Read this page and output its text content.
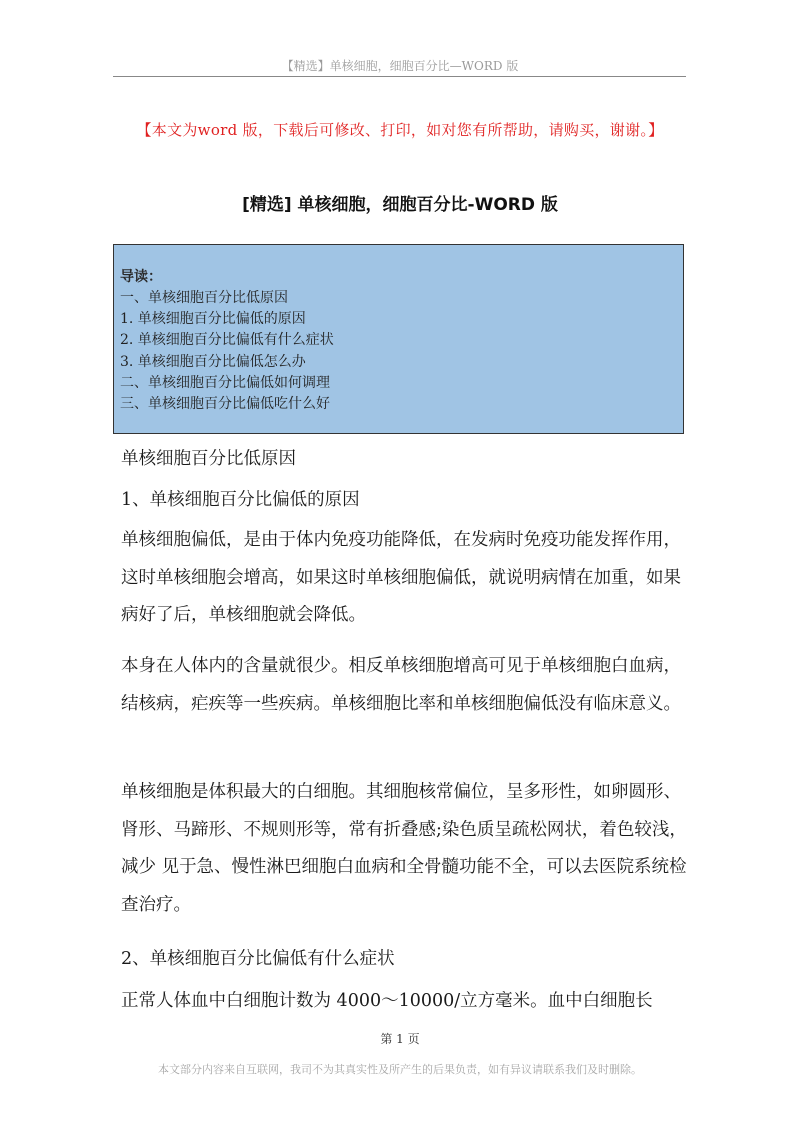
【精选】单核细胞，细胞百分比—WORD 版
【本文为word 版，下载后可修改、打印，如对您有所帮助，请购买，谢谢。】
[精选] 单核细胞，细胞百分比-WORD 版
导读：
一、单核细胞百分比低原因
1. 单核细胞百分比偏低的原因
2. 单核细胞百分比偏低有什么症状
3. 单核细胞百分比偏低怎么办
二、单核细胞百分比偏低如何调理
三、单核细胞百分比偏低吃什么好
单核细胞百分比低原因
1、单核细胞百分比偏低的原因
单核细胞偏低，是由于体内免疫功能降低，在发病时免疫功能发挥作用，这时单核细胞会增高，如果这时单核细胞偏低，就说明病情在加重，如果病好了后，单核细胞就会降低。
本身在人体内的含量就很少。相反单核细胞增高可见于单核细胞白血病，结核病，疟疾等一些疾病。单核细胞比率和单核细胞偏低没有临床意义。
单核细胞是体积最大的白细胞。其细胞核常偏位，呈多形性，如卵圆形、肾形、马蹄形、不规则形等，常有折叠感;染色质呈疏松网状，着色较浅，减少 见于急、慢性淋巴细胞白血病和全骨髓功能不全，可以去医院系统检查治疗。
2、单核细胞百分比偏低有什么症状
正常人体血中白细胞计数为 4000～10000/立方毫米。血中白细胞长
第 1 页
本文部分内容来自互联网，我司不为其真实性及所产生的后果负责，如有异议请联系我们及时删除。
